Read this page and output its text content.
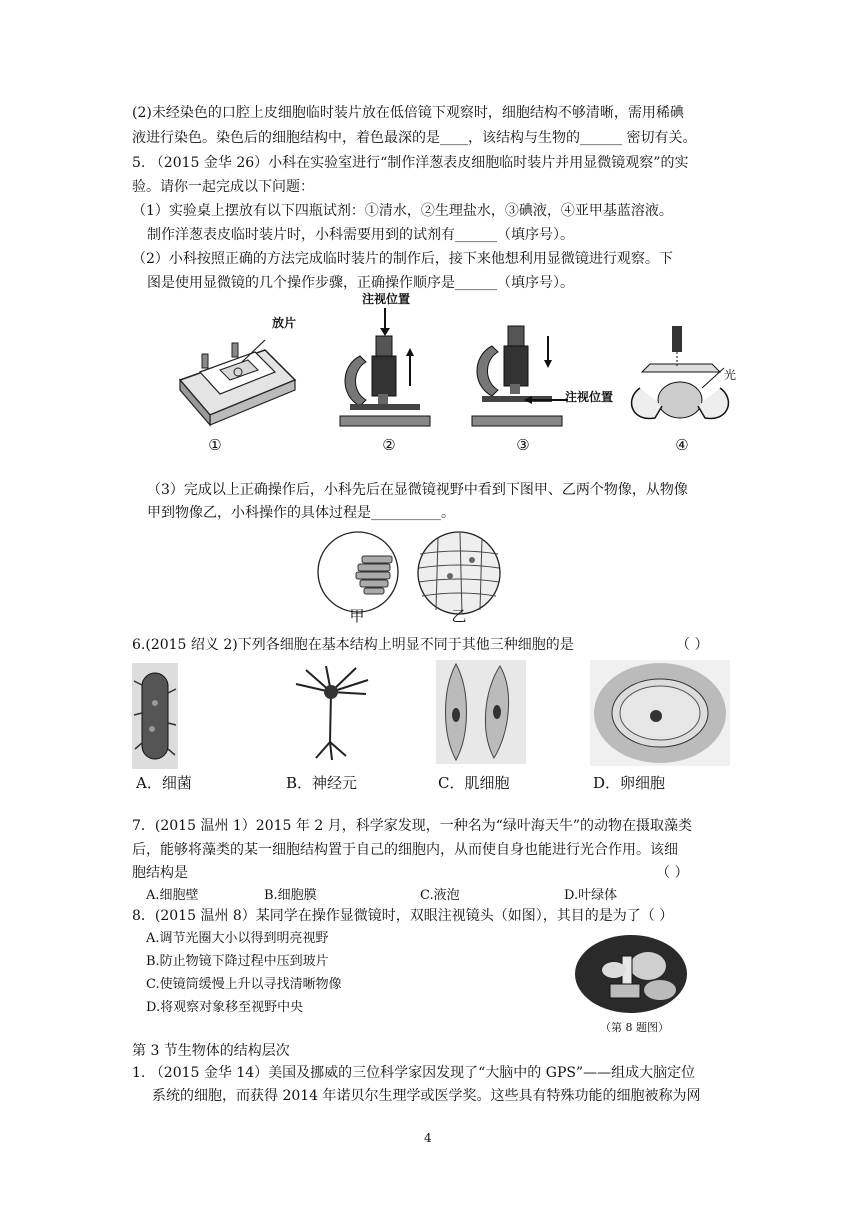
(2)未经染色的口腔上皮细胞临时装片放在低倍镜下观察时，细胞结构不够清晰，需用稀碘
液进行染色。染色后的细胞结构中，着色最深的是____，该结构与生物的______ 密切有关。
5. （2015 金华 26）小科在实验室进行“制作洋葱表皮细胞临时装片并用显微镜观察”的实
验。请你一起完成以下问题：
（1）实验桌上摆放有以下四瓶试剂：①清水，②生理盐水，③碘液，④亚甲基蓝溶液。
制作洋葱表皮临时装片时，小科需要用到的试剂有______（填序号）。
（2）小科按照正确的方法完成临时装片的制作后，接下来他想利用显微镜进行观察。下
图是使用显微镜的几个操作步骤，正确操作顺序是______（填序号）。
放片
注视位置
注视位置
光
①	②	③	④
（3）完成以上正确操作后，小科先后在显微镜视野中看到下图甲、乙两个物像，从物像
甲到物像乙，小科操作的具体过程是__________。
甲	乙
6.(2015 绍义 2)下列各细胞在基本结构上明显不同于其他三种细胞的是	（ ）
A．细菌	B．神经元	C．肌细胞	D．卵细胞
7．(2015 温州 1）2015 年 2 月，科学家发现，一种名为“绿叶海天牛”的动物在摄取藻类
后，能够将藻类的某一细胞结构置于自己的细胞内，从而使自身也能进行光合作用。该细
胞结构是	（ ）
A.细胞壁	B.细胞膜	C.液泡	D.叶绿体
8．(2015 温州 8）某同学在操作显微镜时，双眼注视镜头（如图），其目的是为了（ ）
A.调节光圈大小以得到明亮视野
B.防止物镜下降过程中压到玻片
C.使镜筒缓慢上升以寻找清晰物像
D.将观察对象移至视野中央
（第 8 题图）
第 3 节生物体的结构层次
1. （2015 金华 14）美国及挪威的三位科学家因发现了“大脑中的 GPS”——组成大脑定位
系统的细胞，而获得 2014 年诺贝尔生理学或医学奖。这些具有特殊功能的细胞被称为网
4
